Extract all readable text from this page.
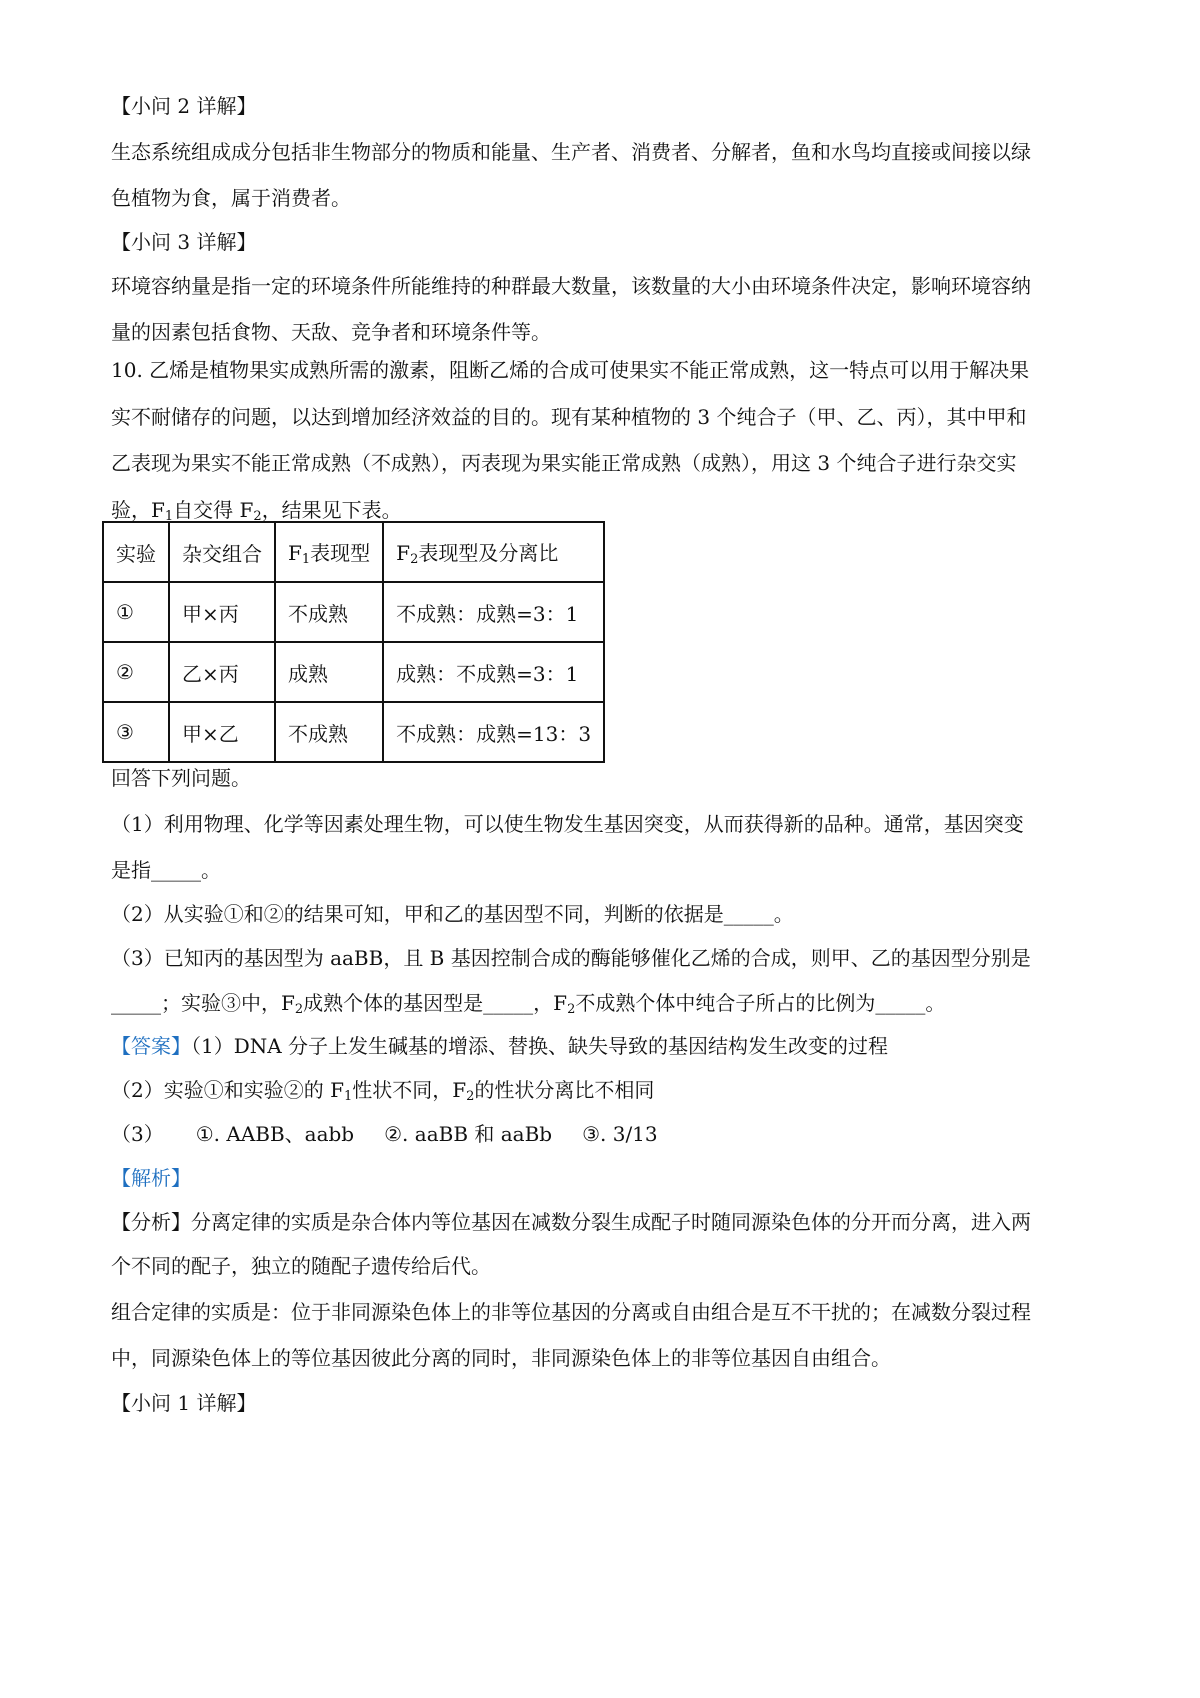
【小问 2 详解】

生态系统组成成分包括非生物部分的物质和能量、生产者、消费者、分解者，鱼和水鸟均直接或间接以绿

色植物为食，属于消费者。

【小问 3 详解】

环境容纳量是指一定的环境条件所能维持的种群最大数量，该数量的大小由环境条件决定，影响环境容纳

量的因素包括食物、天敌、竞争者和环境条件等。

10. 乙烯是植物果实成熟所需的激素，阻断乙烯的合成可使果实不能正常成熟，这一特点可以用于解决果

实不耐储存的问题，以达到增加经济效益的目的。现有某种植物的 3 个纯合子（甲、乙、丙），其中甲和

乙表现为果实不能正常成熟（不成熟），丙表现为果实能正常成熟（成熟），用这 3 个纯合子进行杂交实

验，$F_1$自交得 $F_2$，结果见下表。

实验	杂交组合	$F_1$表现型	$F_2$表现型及分离比
①	甲×丙	不成熟	不成熟：成熟=3：1
②	乙×丙	成熟	成熟：不成熟=3：1
③	甲×乙	不成熟	不成熟：成熟=13：3

回答下列问题。

（1）利用物理、化学等因素处理生物，可以使生物发生基因突变，从而获得新的品种。通常，基因突变

是指_____。

（2）从实验①和②的结果可知，甲和乙的基因型不同，判断的依据是_____。

（3）已知丙的基因型为 aaBB，且 B 基因控制合成的酶能够催化乙烯的合成，则甲、乙的基因型分别是

_____；实验③中，$F_2$成熟个体的基因型是_____，$F_2$不成熟个体中纯合子所占的比例为_____。

【答案】（1）DNA 分子上发生碱基的增添、替换、缺失导致的基因结构发生改变的过程

（2）实验①和实验②的 $F_1$性状不同，$F_2$的性状分离比不相同

（3） ①. AABB、aabb ②. aaBB 和 aaBb ③. 3/13

【解析】

【分析】分离定律的实质是杂合体内等位基因在减数分裂生成配子时随同源染色体的分开而分离，进入两

个不同的配子，独立的随配子遗传给后代。

组合定律的实质是：位于非同源染色体上的非等位基因的分离或自由组合是互不干扰的；在减数分裂过程

中，同源染色体上的等位基因彼此分离的同时，非同源染色体上的非等位基因自由组合。

【小问 1 详解】
